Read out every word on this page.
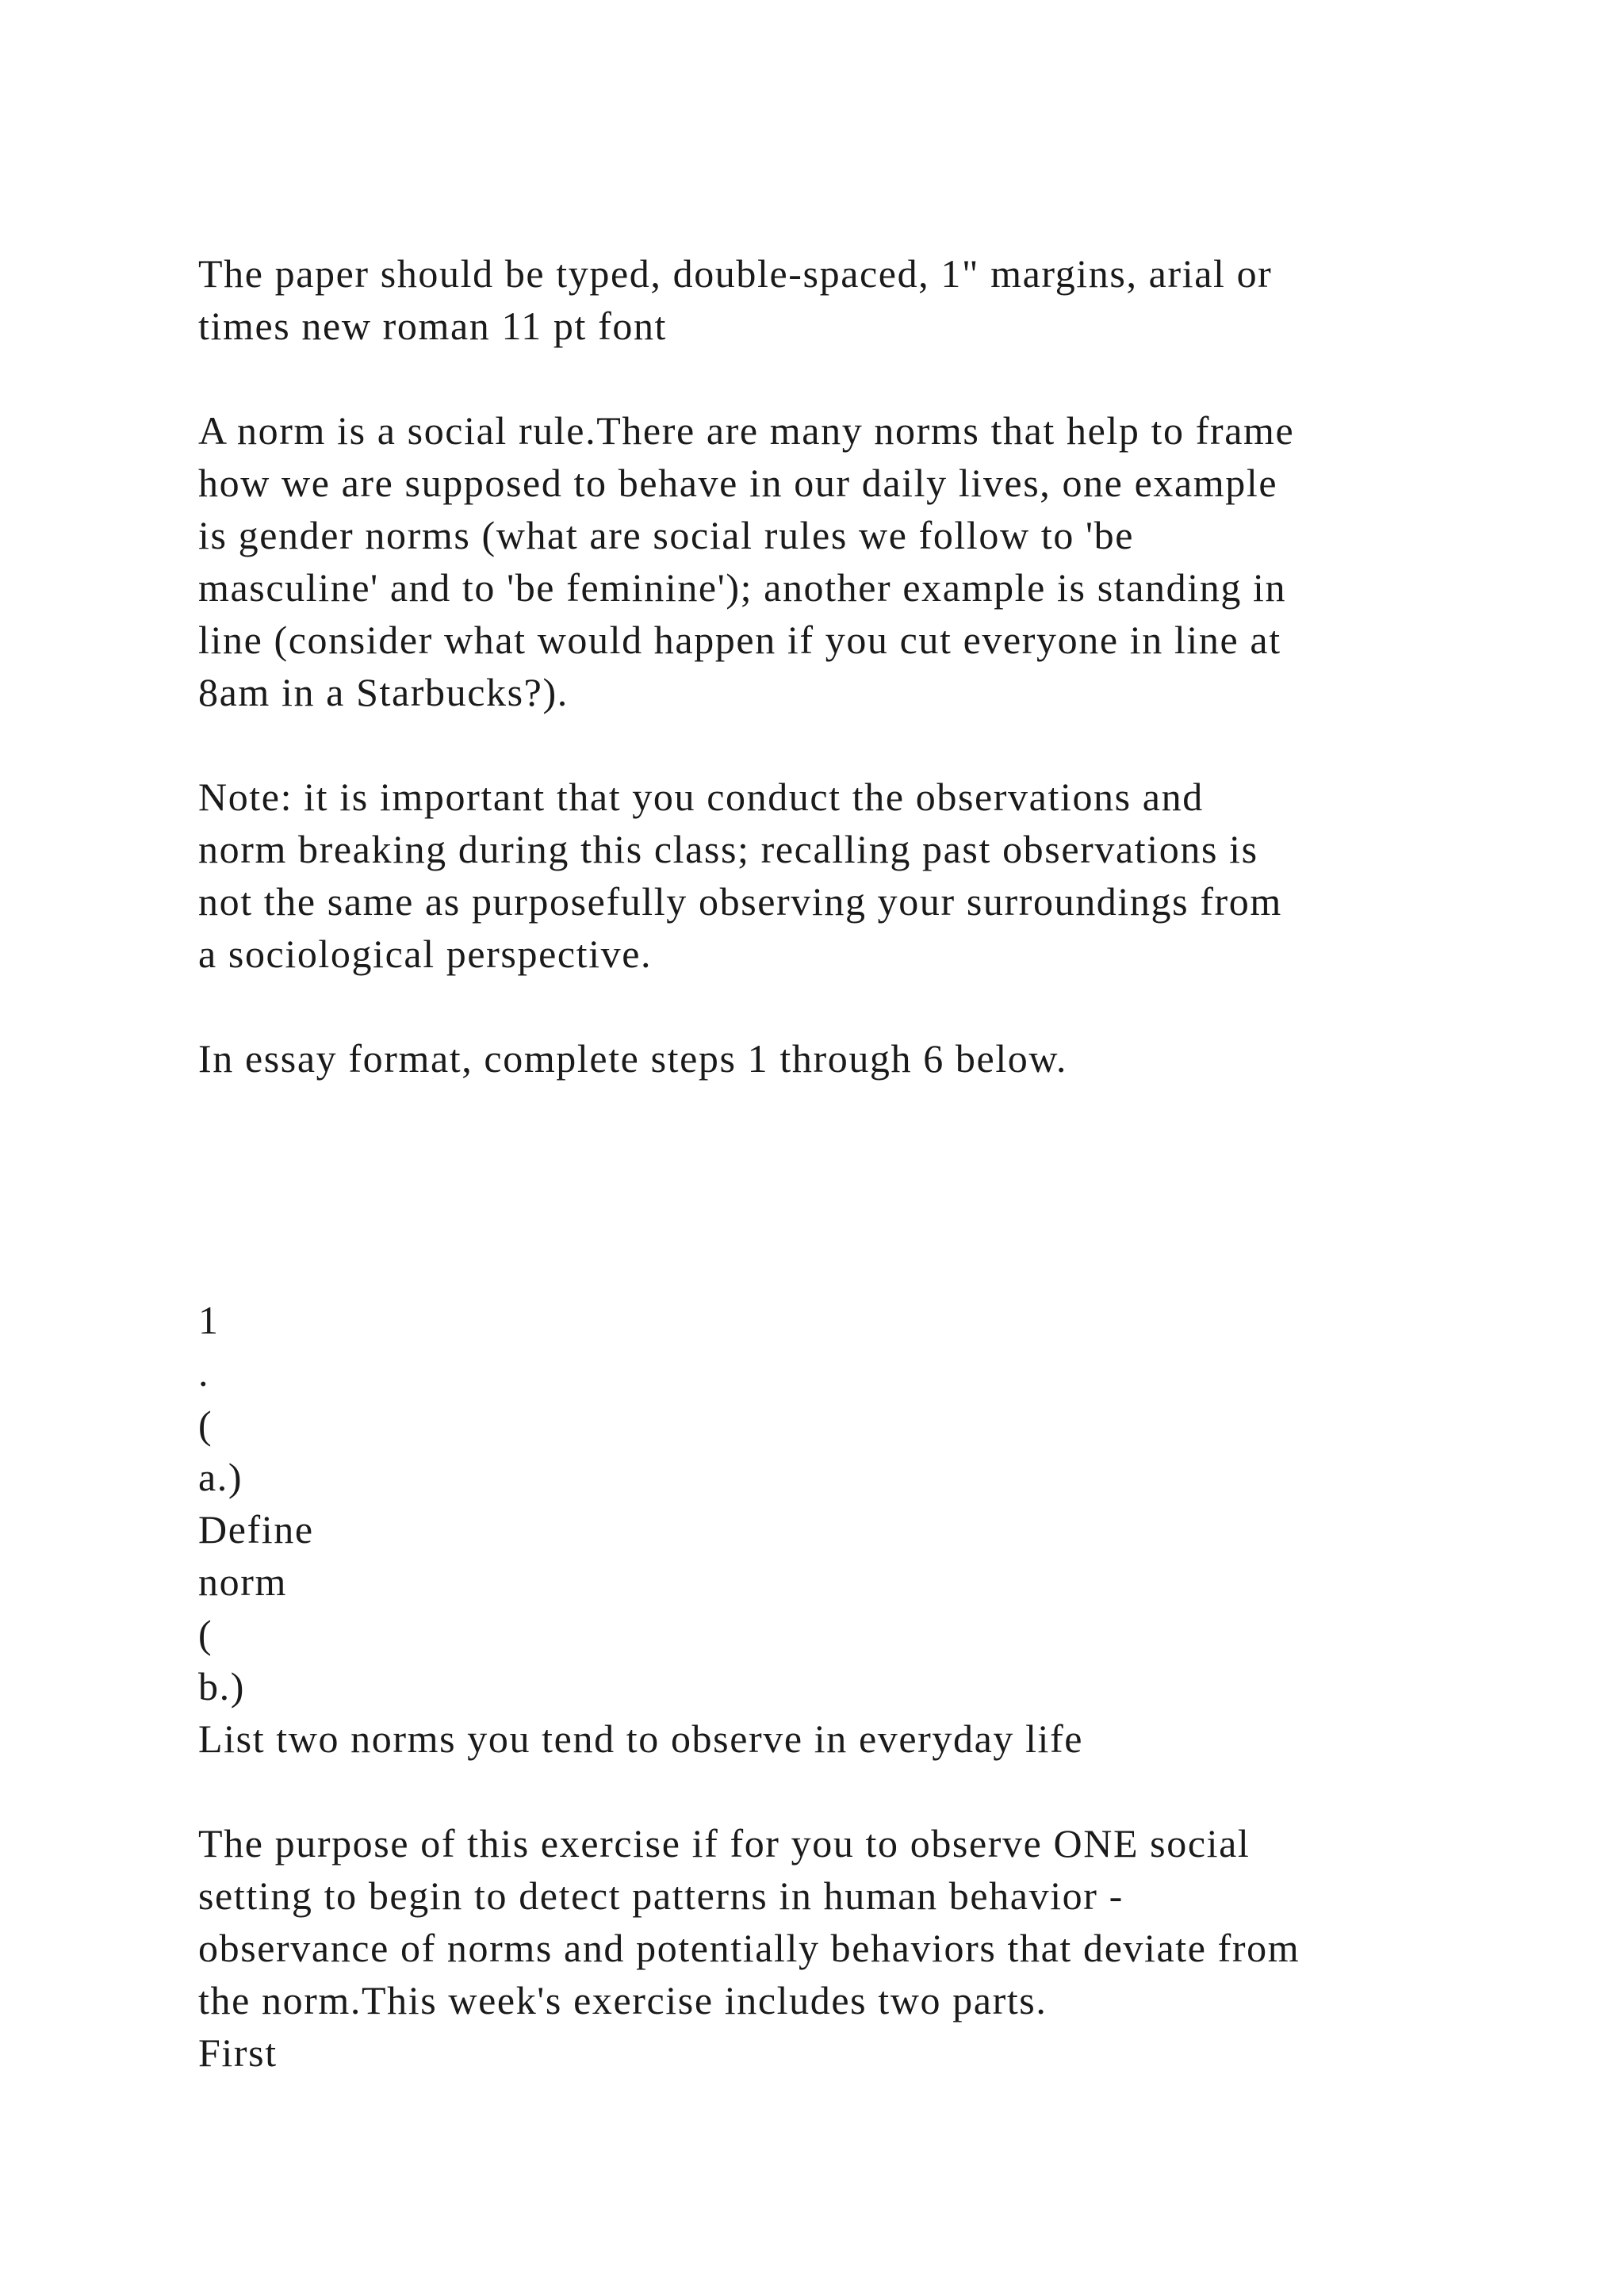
The paper should be typed, double-spaced, 1" margins, arial or
times new roman 11 pt font
A norm is a social rule.There are many norms that help to frame
how we are supposed to behave in our daily lives, one example
is gender norms (what are social rules we follow to 'be
masculine' and to 'be feminine'); another example is standing in
line (consider what would happen if you cut everyone in line at
8am in a Starbucks?).
Note: it is important that you conduct the observations and
norm breaking during this class; recalling past observations is
not the same as purposefully observing your surroundings from
a sociological perspective.
In essay format, complete steps 1 through 6 below.
1
.
(
a.)
Define
norm
(
b.)
List two norms you tend to observe in everyday life
The purpose of this exercise if for you to observe ONE social
setting to begin to detect patterns in human behavior -
observance of norms and potentially behaviors that deviate from
the norm.This week's exercise includes two parts.
First
